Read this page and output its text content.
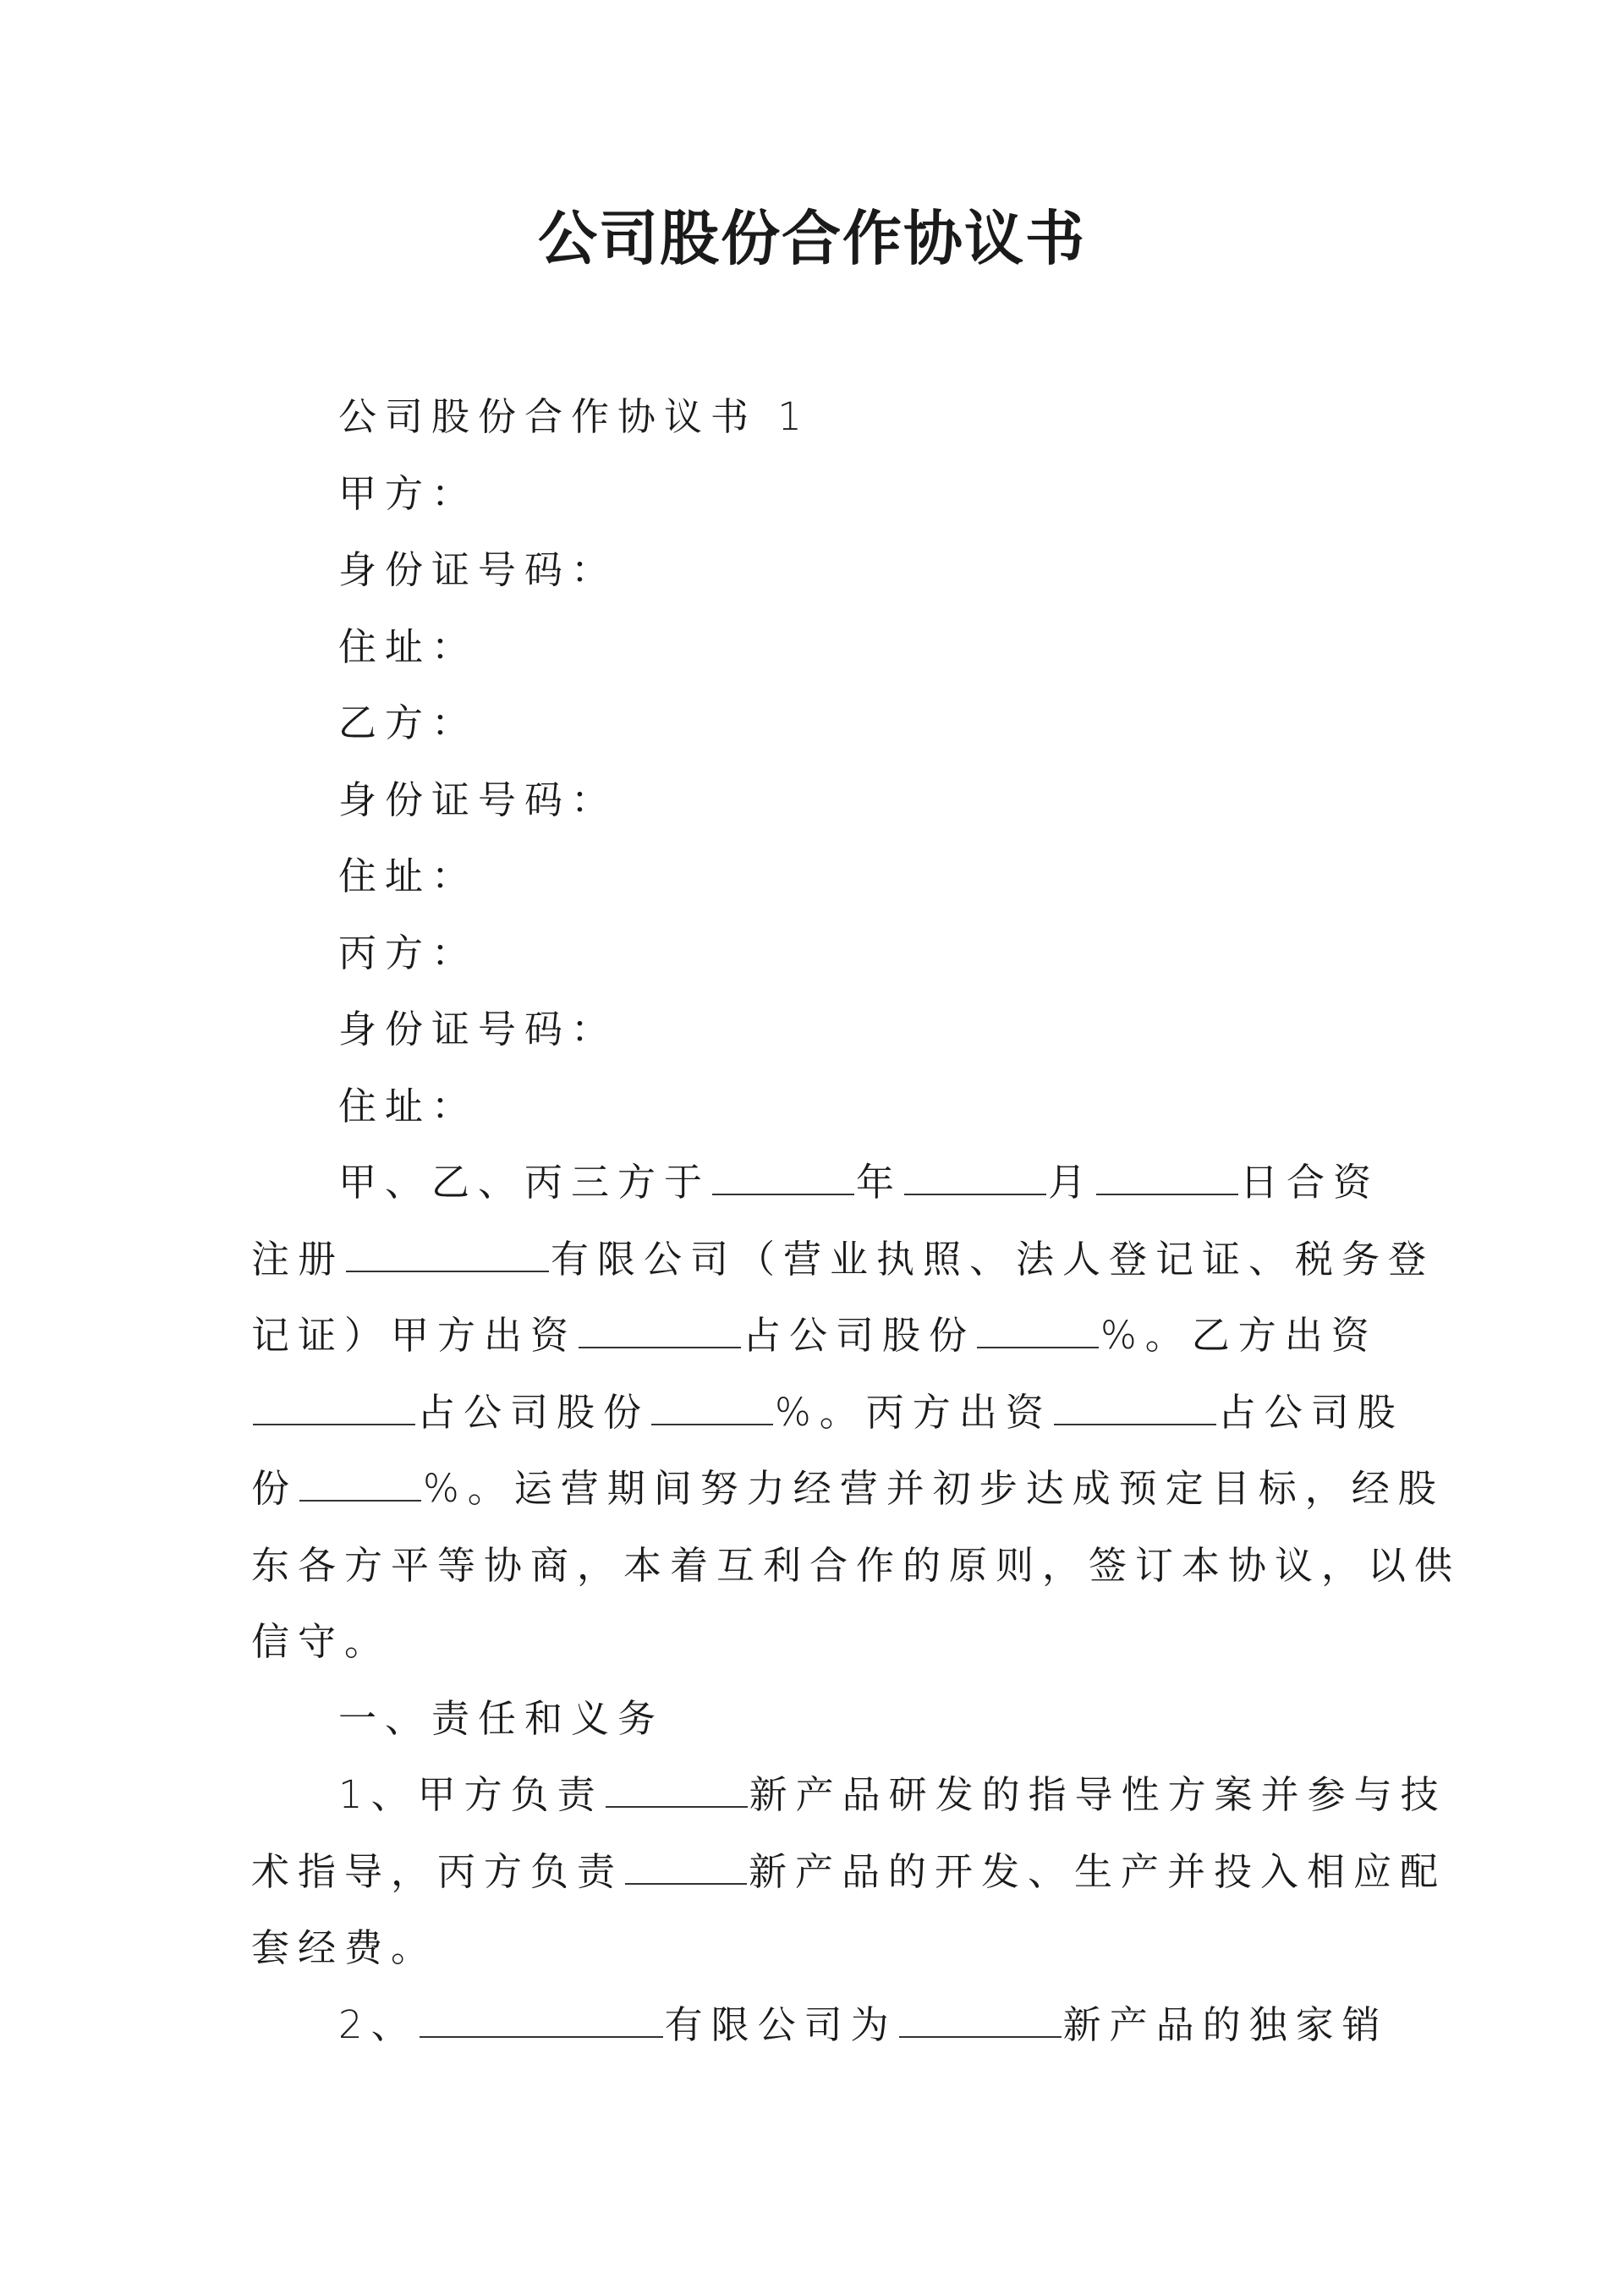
公司股份合作协议书
公司股份合作协议书 1
甲方：
身份证号码：
住址：
乙方：
身份证号码：
住址：
丙方：
身份证号码：
住址：
甲、乙、丙三方于	年	月	日合资
注册	有限公司（营业执照、法人登记证、税务登
记证）甲方出资	占公司股份	%。乙方出资
占公司股份	%。丙方出资	占公司股
份	%。运营期间努力经营并初步达成预定目标，经股
东各方平等协商，本着互利合作的原则，签订本协议，以供
信守。
一、责任和义务
1、甲方负责	新产品研发的指导性方案并参与技
术指导，丙方负责	新产品的开发、生产并投入相应配
套经费。
2、	有限公司为	新产品的独家销
